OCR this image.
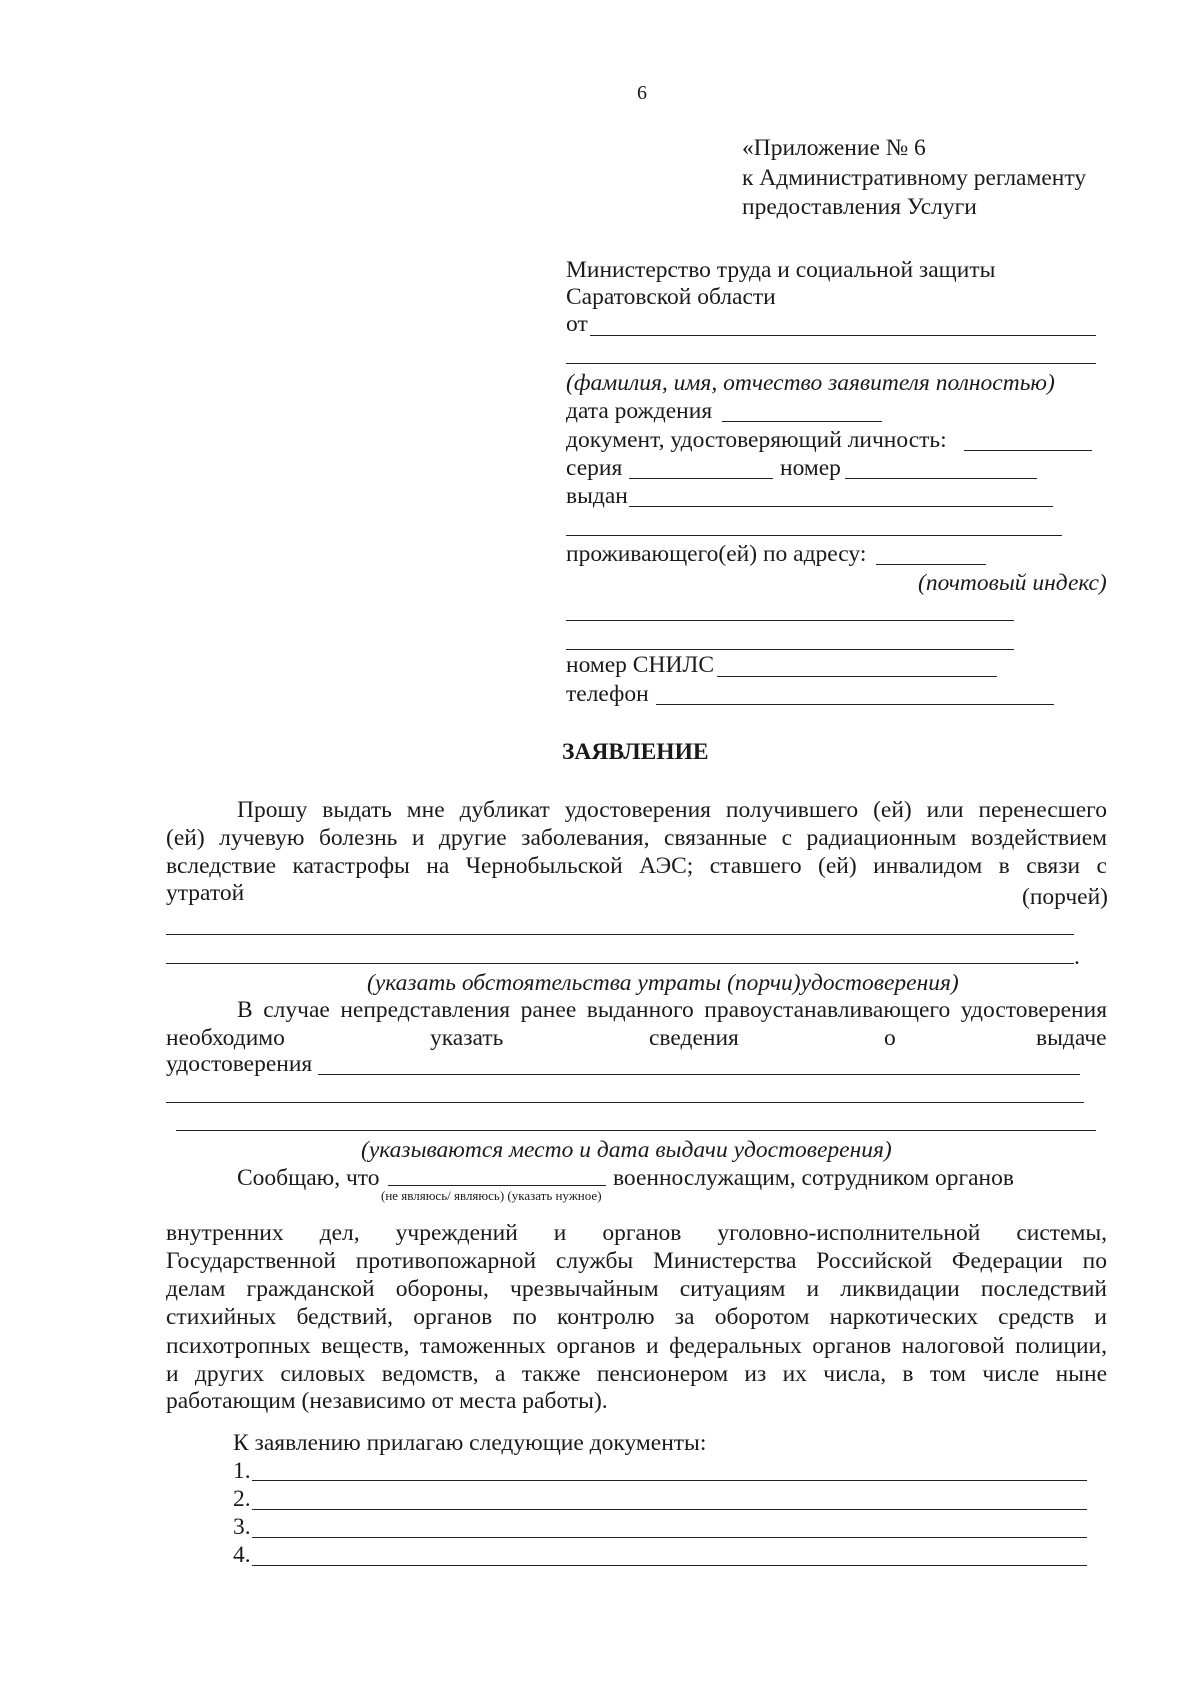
6
«Приложение № 6
к Административному регламенту
предоставления Услуги
Министерство труда и социальной защиты
Саратовской области
от
(фамилия, имя, отчество заявителя полностью)
дата рождения
документ, удостоверяющий личность:
серия	номер
выдан
проживающего(ей) по адресу:
(почтовый индекс)
номер СНИЛС
телефон
ЗАЯВЛЕНИЕ
Прошу выдать мне дубликат удостоверения получившего (ей) или перенесшего
(ей) лучевую болезнь и другие заболевания, связанные с радиационным воздействием
вследствие катастрофы на Чернобыльской АЭС; ставшего (ей) инвалидом в связи с
утратой	(порчей)
.
(указать обстоятельства утраты (порчи)удостоверения)
В случае непредставления ранее выданного правоустанавливающего удостоверения
необходимо	указать	сведения	о	выдаче
удостоверения
(указываются место и дата выдачи удостоверения)
Сообщаю, что	военнослужащим, сотрудником органов
(не являюсь/ являюсь) (указать нужное)
внутренних дел, учреждений и органов уголовно-исполнительной системы,
Государственной противопожарной службы Министерства Российской Федерации по
делам гражданской обороны, чрезвычайным ситуациям и ликвидации последствий
стихийных бедствий, органов по контролю за оборотом наркотических средств и
психотропных веществ, таможенных органов и федеральных органов налоговой полиции,
и других силовых ведомств, а также пенсионером из их числа, в том числе ныне
работающим (независимо от места работы).
К заявлению прилагаю следующие документы:
1.
2.
3.
4.
